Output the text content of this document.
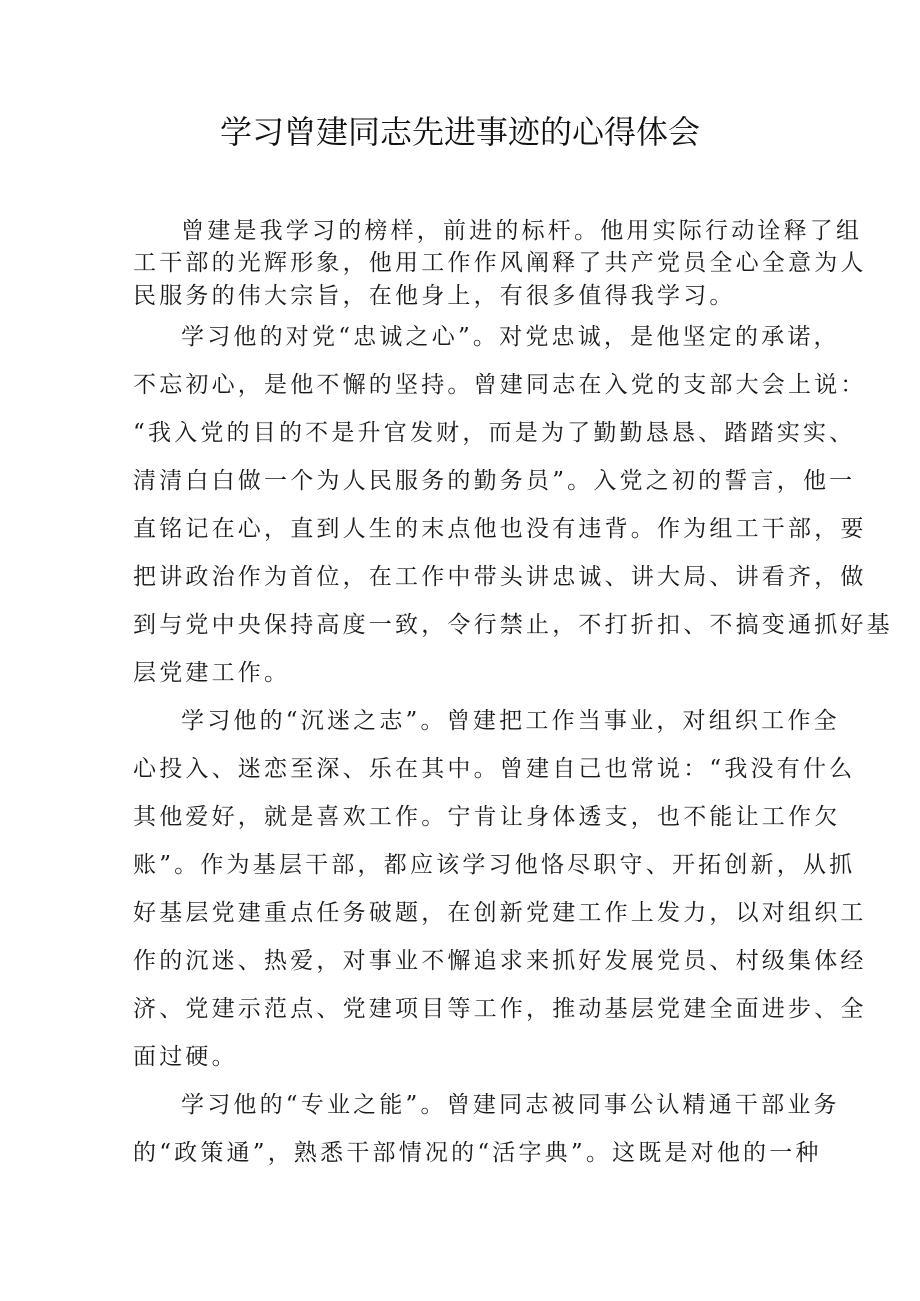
学习曾建同志先进事迹的心得体会
曾建是我学习的榜样，前进的标杆。他用实际行动诠释了组
工干部的光辉形象，他用工作作风阐释了共产党员全心全意为人
民服务的伟大宗旨，在他身上，有很多值得我学习。
学习他的对党“忠诚之心”。对党忠诚，是他坚定的承诺，
不忘初心，是他不懈的坚持。曾建同志在入党的支部大会上说：
“我入党的目的不是升官发财，而是为了勤勤恳恳、踏踏实实、
清清白白做一个为人民服务的勤务员”。入党之初的誓言，他一
直铭记在心，直到人生的末点他也没有违背。作为组工干部，要
把讲政治作为首位，在工作中带头讲忠诚、讲大局、讲看齐，做
到与党中央保持高度一致，令行禁止，不打折扣、不搞变通抓好基
层党建工作。
学习他的“沉迷之志”。曾建把工作当事业，对组织工作全
心投入、迷恋至深、乐在其中。曾建自己也常说：“我没有什么
其他爱好，就是喜欢工作。宁肯让身体透支，也不能让工作欠
账”。作为基层干部，都应该学习他恪尽职守、开拓创新，从抓
好基层党建重点任务破题，在创新党建工作上发力，以对组织工
作的沉迷、热爱，对事业不懈追求来抓好发展党员、村级集体经
济、党建示范点、党建项目等工作，推动基层党建全面进步、全
面过硬。
学习他的“专业之能”。曾建同志被同事公认精通干部业务
的“政策通”，熟悉干部情况的“活字典”。这既是对他的一种
